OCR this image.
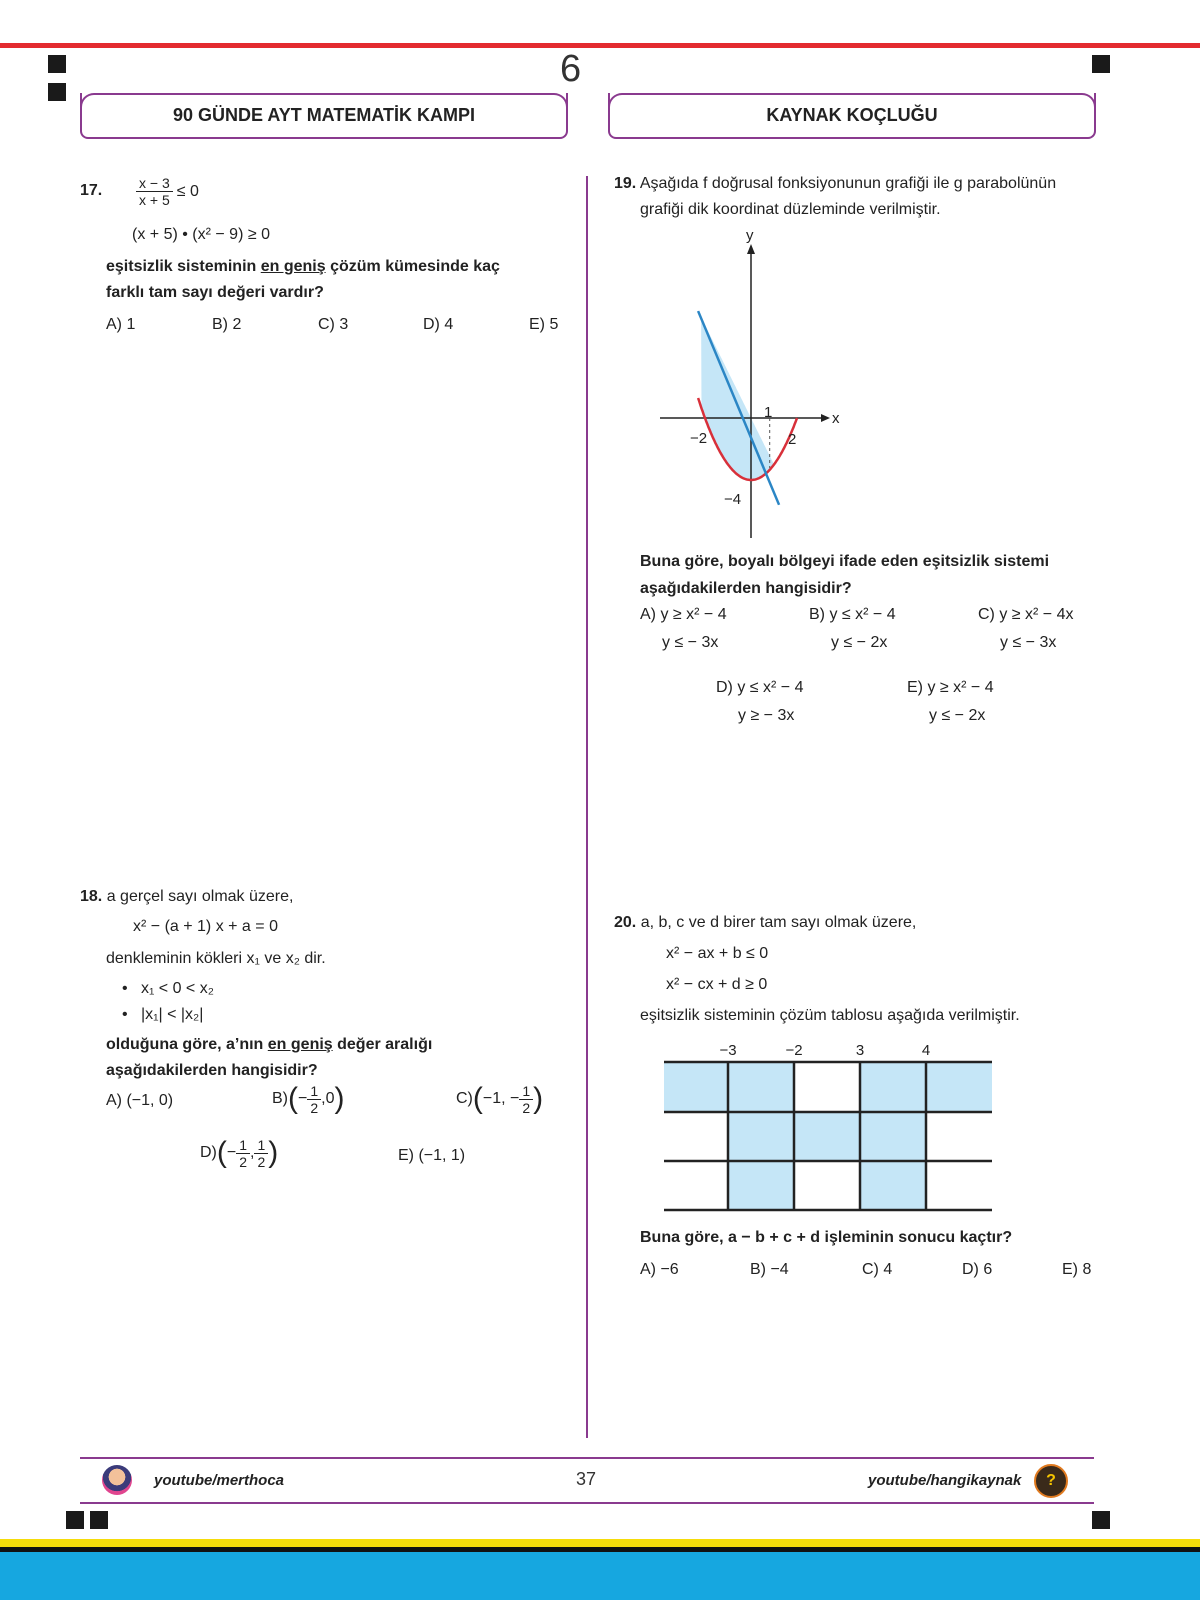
6
90 GÜNDE AYT MATEMATİK KAMPI	KAYNAK KOÇLUĞU
17. $\frac{x - 3}{x + 5} \le 0$
(x + 5) • (x² − 9) ≥ 0
eşitsizlik sisteminin en geniş çözüm kümesinde kaç
farklı tam sayı değeri vardır?
A) 1	B) 2	C) 3	D) 4	E) 5
18. a gerçel sayı olmak üzere,
x² − (a + 1) x + a = 0
denkleminin kökleri x₁ ve x₂ dir.
• x₁ < 0 < x₂
• |x₁| < |x₂|
olduğuna göre, a’nın en geniş değer aralığı
aşağıdakilerden hangisidir?
A) (−1, 0)	B) ( − $\frac{1}{2} ,0$ )	C) ( −1, − $\frac{1}{2}$ )
D) ( − $\frac{1}{2}$ , $\frac{1}{2}$ )	E) (−1, 1)
19. Aşağıda f doğrusal fonksiyonunun grafiği ile g parabolünün
grafiği dik koordinat düzleminde verilmiştir.
x
y
−2	2
1
−4
Buna göre, boyalı bölgeyi ifade eden eşitsizlik sistemi
aşağıdakilerden hangisidir?
A) y ≥ x² − 4
y ≤ − 3x
B) y ≤ x² − 4
y ≤ − 2x
C) y ≥ x² − 4x
y ≤ − 3x
D) y ≤ x² − 4
y ≥ − 3x
E) y ≥ x² − 4
y ≤ − 2x
20. a, b, c ve d birer tam sayı olmak üzere,
x² − ax + b ≤ 0
x² − cx + d ≥ 0
eşitsizlik sisteminin çözüm tablosu aşağıda verilmiştir.
−3	−2	3	4
Buna göre, a − b + c + d işleminin sonucu kaçtır?
A) −6	B) −4	C) 4	D) 6	E) 8
youtube/merthoca	37	youtube/hangikaynak	?
